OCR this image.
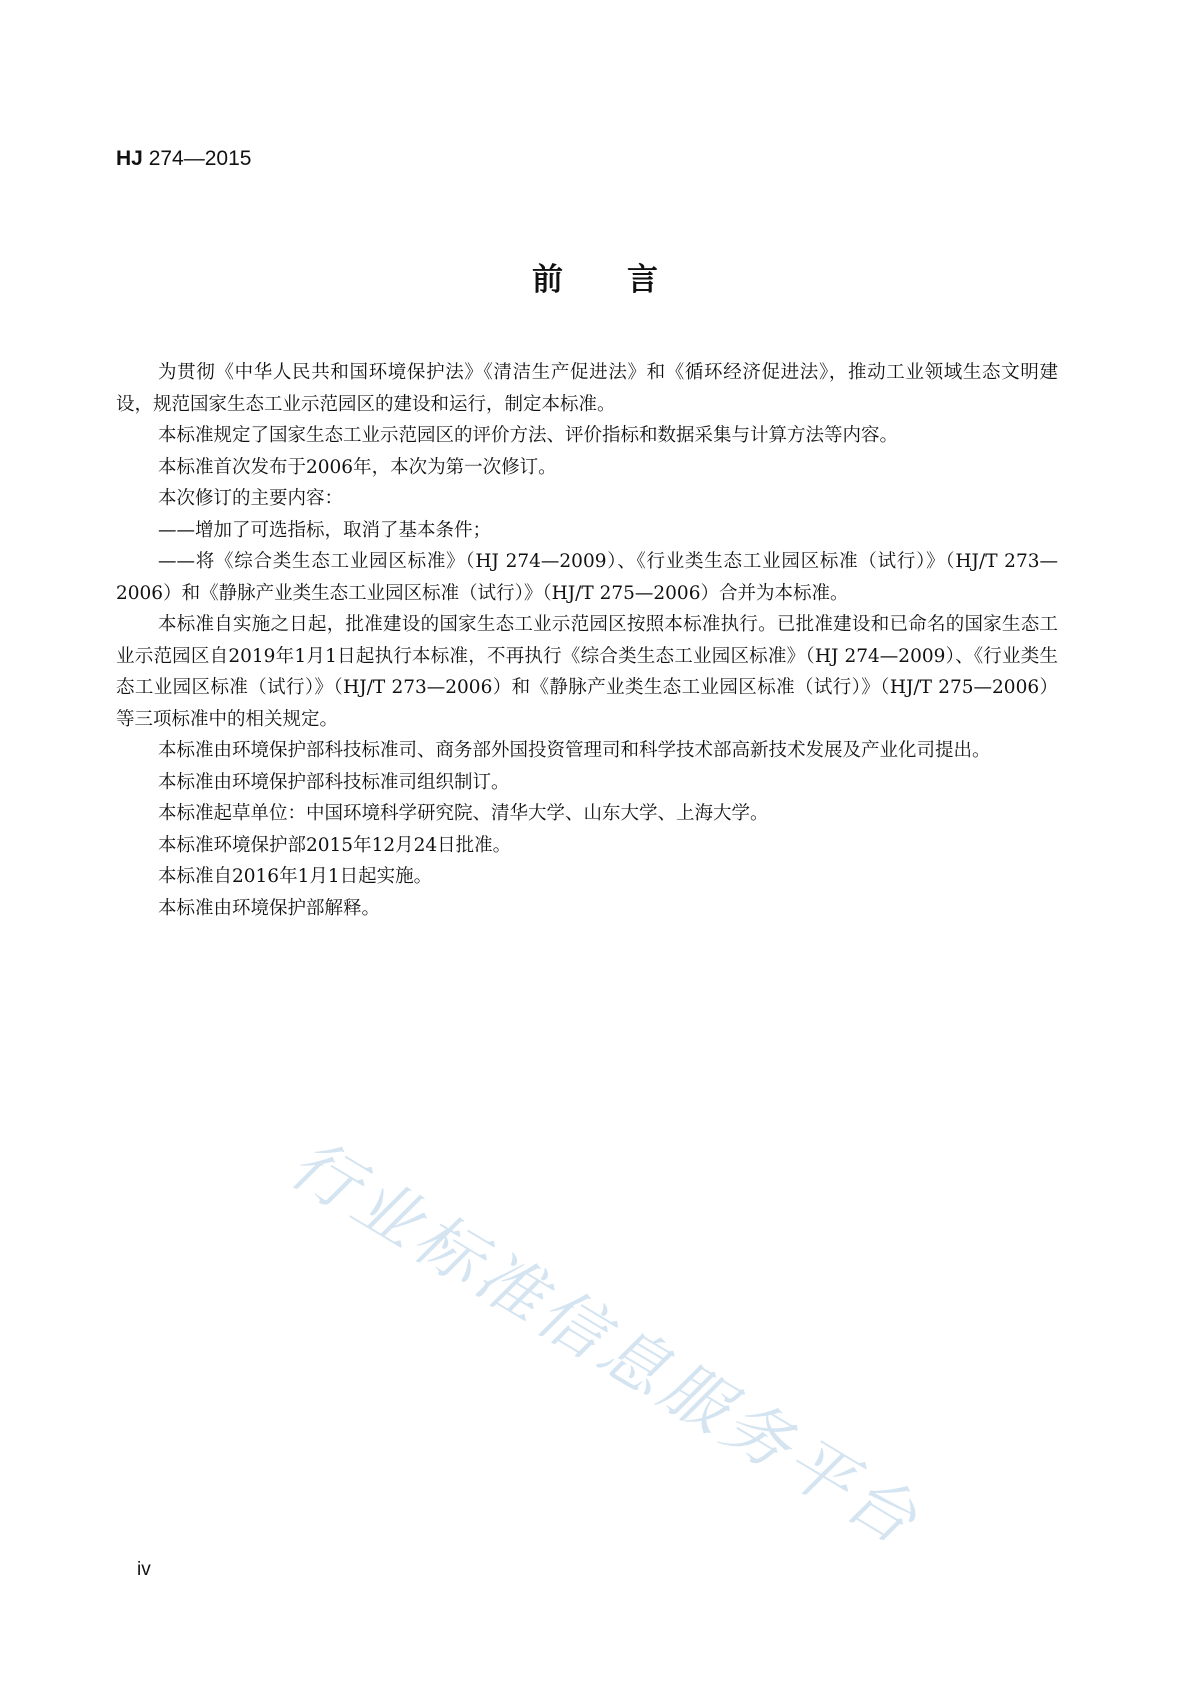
HJ 274—2015
前言

为贯彻《中华人民共和国环境保护法》《清洁生产促进法》和《循环经济促进法》，推动工业领域生态文明建设，规范国家生态工业示范园区的建设和运行，制定本标准。

本标准规定了国家生态工业示范园区的评价方法、评价指标和数据采集与计算方法等内容。

本标准首次发布于2006年，本次为第一次修订。

本次修订的主要内容：

——增加了可选指标，取消了基本条件；

——将《综合类生态工业园区标准》（HJ 274—2009）、《行业类生态工业园区标准（试行）》（HJ/T 273—2006）和《静脉产业类生态工业园区标准（试行）》（HJ/T 275—2006）合并为本标准。

本标准自实施之日起，批准建设的国家生态工业示范园区按照本标准执行。已批准建设和已命名的国家生态工业示范园区自2019年1月1日起执行本标准，不再执行《综合类生态工业园区标准》（HJ 274—2009）、《行业类生态工业园区标准（试行）》（HJ/T 273—2006）和《静脉产业类生态工业园区标准（试行）》（HJ/T 275—2006）等三项标准中的相关规定。

本标准由环境保护部科技标准司、商务部外国投资管理司和科学技术部高新技术发展及产业化司提出。

本标准由环境保护部科技标准司组织制订。

本标准起草单位：中国环境科学研究院、清华大学、山东大学、上海大学。

本标准环境保护部2015年12月24日批准。

本标准自2016年1月1日起实施。

本标准由环境保护部解释。

行业标准信息服务平台
iv
